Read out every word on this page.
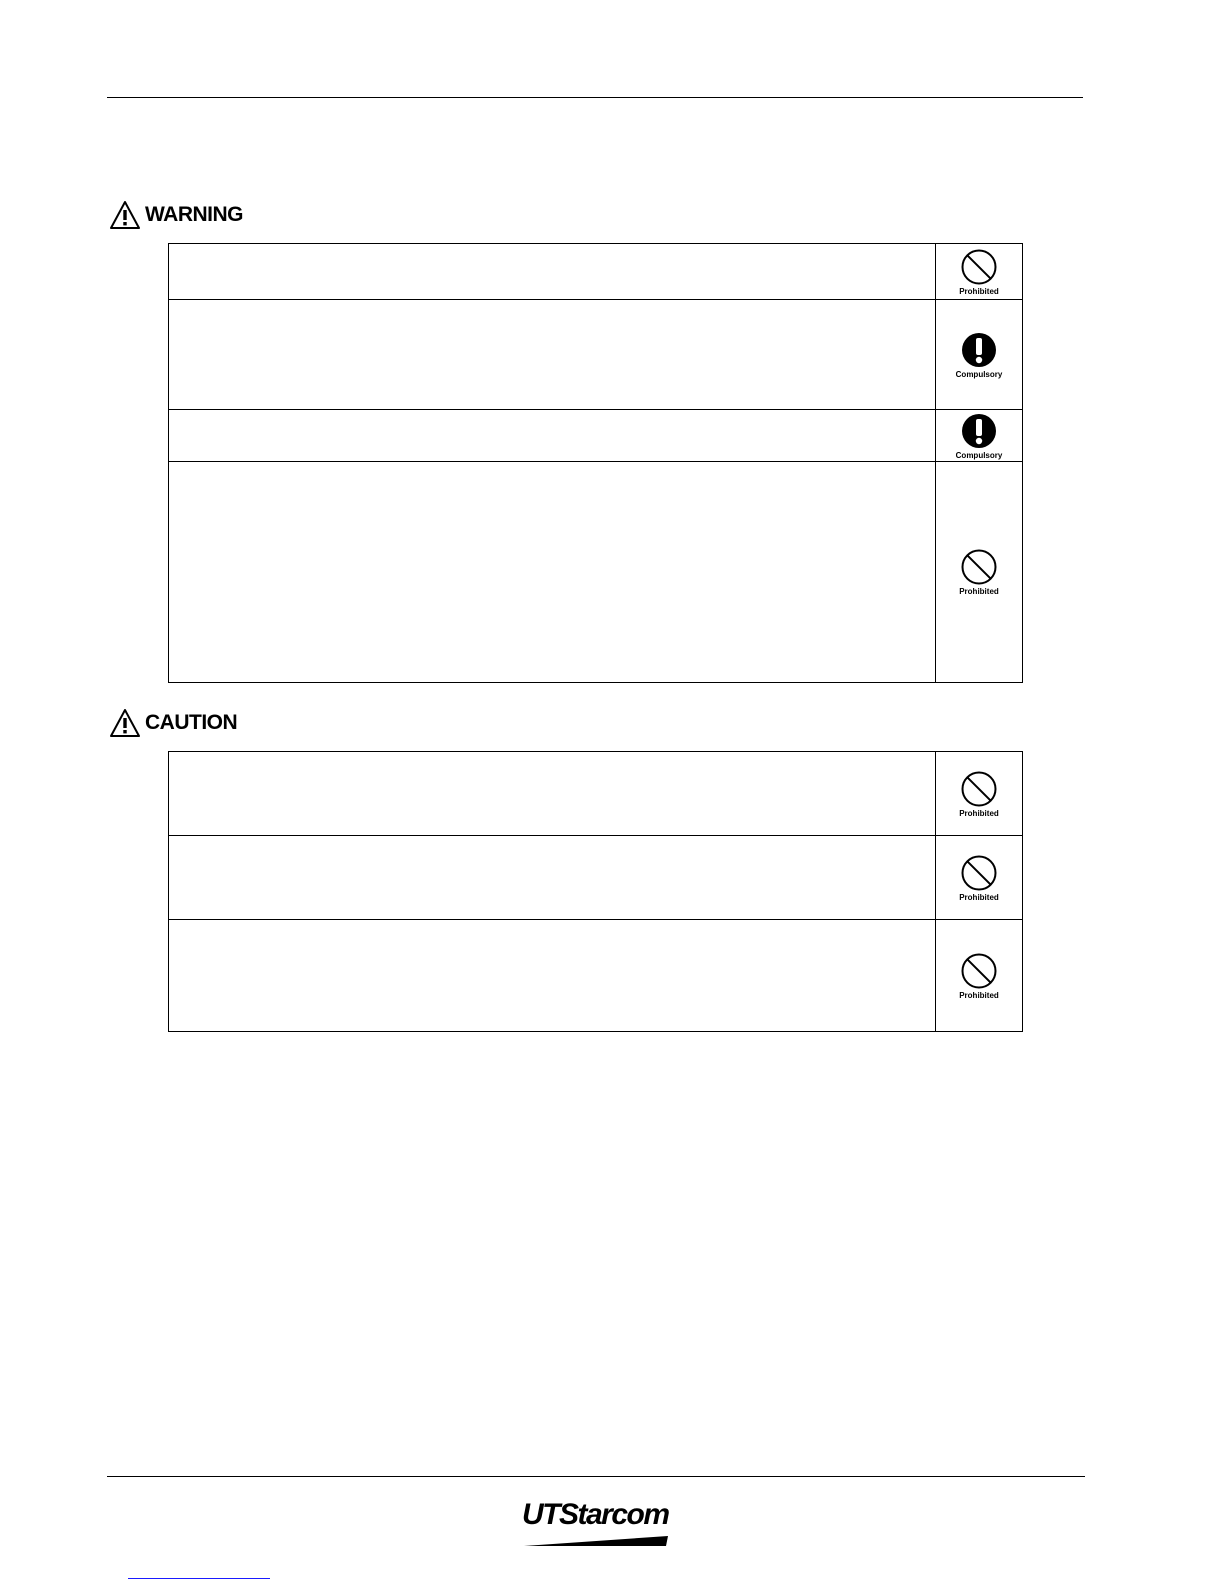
WARNING

	Prohibited

	Compulsory

	Compulsory

	Prohibited
CAUTION

	Prohibited

	Prohibited

	Prohibited
UTStarcom
